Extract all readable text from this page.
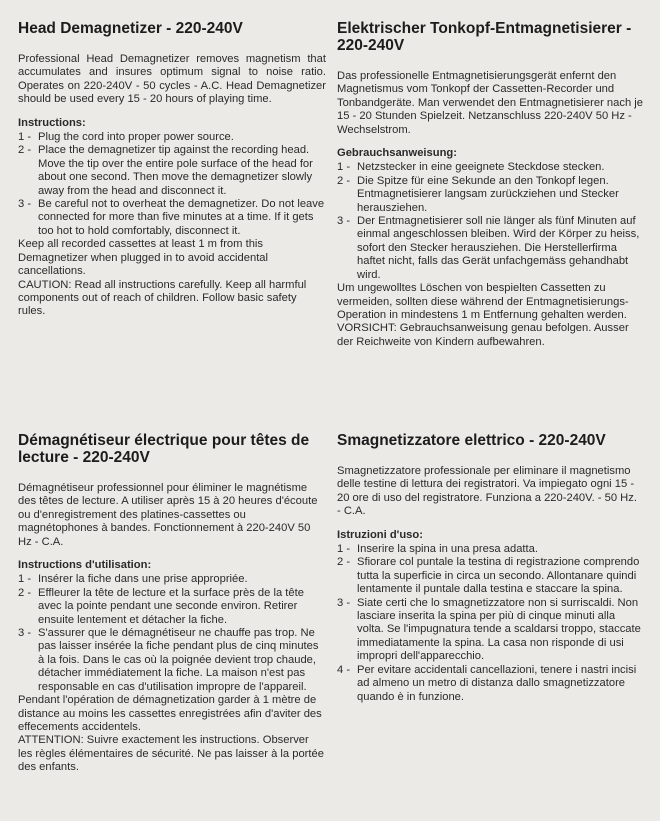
Head Demagnetizer - 220-240V

Professional Head Demagnetizer removes magnetism that accumulates and insures optimum signal to noise ratio. Operates on 220-240V - 50 cycles - A.C. Head Demagnetizer should be used every 15 - 20 hours of playing time.

Instructions:
1 - Plug the cord into proper power source.
2 - Place the demagnetizer tip against the recording head. Move the tip over the entire pole surface of the head for about one second. Then move the demagnetizer slowly away from the head and disconnect it.
3 - Be careful not to overheat the demagnetizer. Do not leave connected for more than five minutes at a time. If it gets too hot to hold comfortably, disconnect it.
Keep all recorded cassettes at least 1 m from this Demagnetizer when plugged in to avoid accidental cancellations.
CAUTION: Read all instructions carefully. Keep all harmful components out of reach of children. Follow basic safety rules.
Elektrischer Tonkopf-Entmagnetisierer - 220-240V

Das professionelle Entmagnetisierungsgerät enfernt den Magnetismus vom Tonkopf der Cassetten-Recorder und Tonbandgeräte. Man verwendet den Entmagnetisierer nach je 15 - 20 Stunden Spielzeit. Netzanschluss 220-240V 50 Hz - Wechselstrom.

Gebrauchsanweisung:
1 - Netzstecker in eine geeignete Steckdose stecken.
2 - Die Spitze für eine Sekunde an den Tonkopf legen. Entmagnetisierer langsam zurückziehen und Stecker herausziehen.
3 - Der Entmagnetisierer soll nie länger als fünf Minuten auf einmal angeschlossen bleiben. Wird der Körper zu heiss, sofort den Stecker herausziehen. Die Herstellerfirma haftet nicht, falls das Gerät unfachgemäss gehandhabt wird.
Um ungewolltes Löschen von bespielten Cassetten zu vermeiden, sollten diese während der Entmagnetisierungs-Operation in mindestens 1 m Entfernung gehalten werden.
VORSICHT: Gebrauchsanweisung genau befolgen. Ausser der Reichweite von Kindern aufbewahren.
Démagnétiseur électrique pour têtes de lecture - 220-240V

Démagnétiseur professionnel pour éliminer le magnétisme des têtes de lecture. A utiliser après 15 à 20 heures d'écoute ou d'enregistrement des platines-cassettes ou magnétophones à bandes. Fonctionnement à 220-240V 50 Hz - C.A.

Instructions d'utilisation:
1 - Insérer la fiche dans une prise appropriée.
2 - Effleurer la tête de lecture et la surface près de la tête avec la pointe pendant une seconde environ. Retirer ensuite lentement et détacher la fiche.
3 - S'assurer que le démagnétiseur ne chauffe pas trop. Ne pas laisser insérée la fiche pendant plus de cinq minutes à la fois. Dans le cas où la poignée devient trop chaude, détacher immédiatement la fiche. La maison n'est pas responsable en cas d'utilisation impropre de l'appareil.
Pendant l'opération de démagnetization garder à 1 mètre de distance au moins les cassettes enregistrées afin d'aviter des effecements accidentels.
ATTENTION: Suivre exactement les instructions. Observer les règles élémentaires de sécurité. Ne pas laisser à la portée des enfants.
Smagnetizzatore elettrico - 220-240V

Smagnetizzatore professionale per eliminare il magnetismo delle testine di lettura dei registratori. Va impiegato ogni 15 - 20 ore di uso del registratore. Funziona a 220-240V. - 50 Hz. - C.A.

Istruzioni d'uso:
1 - Inserire la spina in una presa adatta.
2 - Sfiorare col puntale la testina di registrazione comprendo tutta la superficie in circa un secondo. Allontanare quindi lentamente il puntale dalla testina e staccare la spina.
3 - Siate certi che lo smagnetizzatore non si surriscaldi. Non lasciare inserita la spina per più di cinque minuti alla volta. Se l'impugnatura tende a scaldarsi troppo, staccate immediatamente la spina. La casa non risponde di usi impropri dell'apparecchio.
4 - Per evitare accidentali cancellazioni, tenere i nastri incisi ad almeno un metro di distanza dallo smagnetizzatore quando è in funzione.
